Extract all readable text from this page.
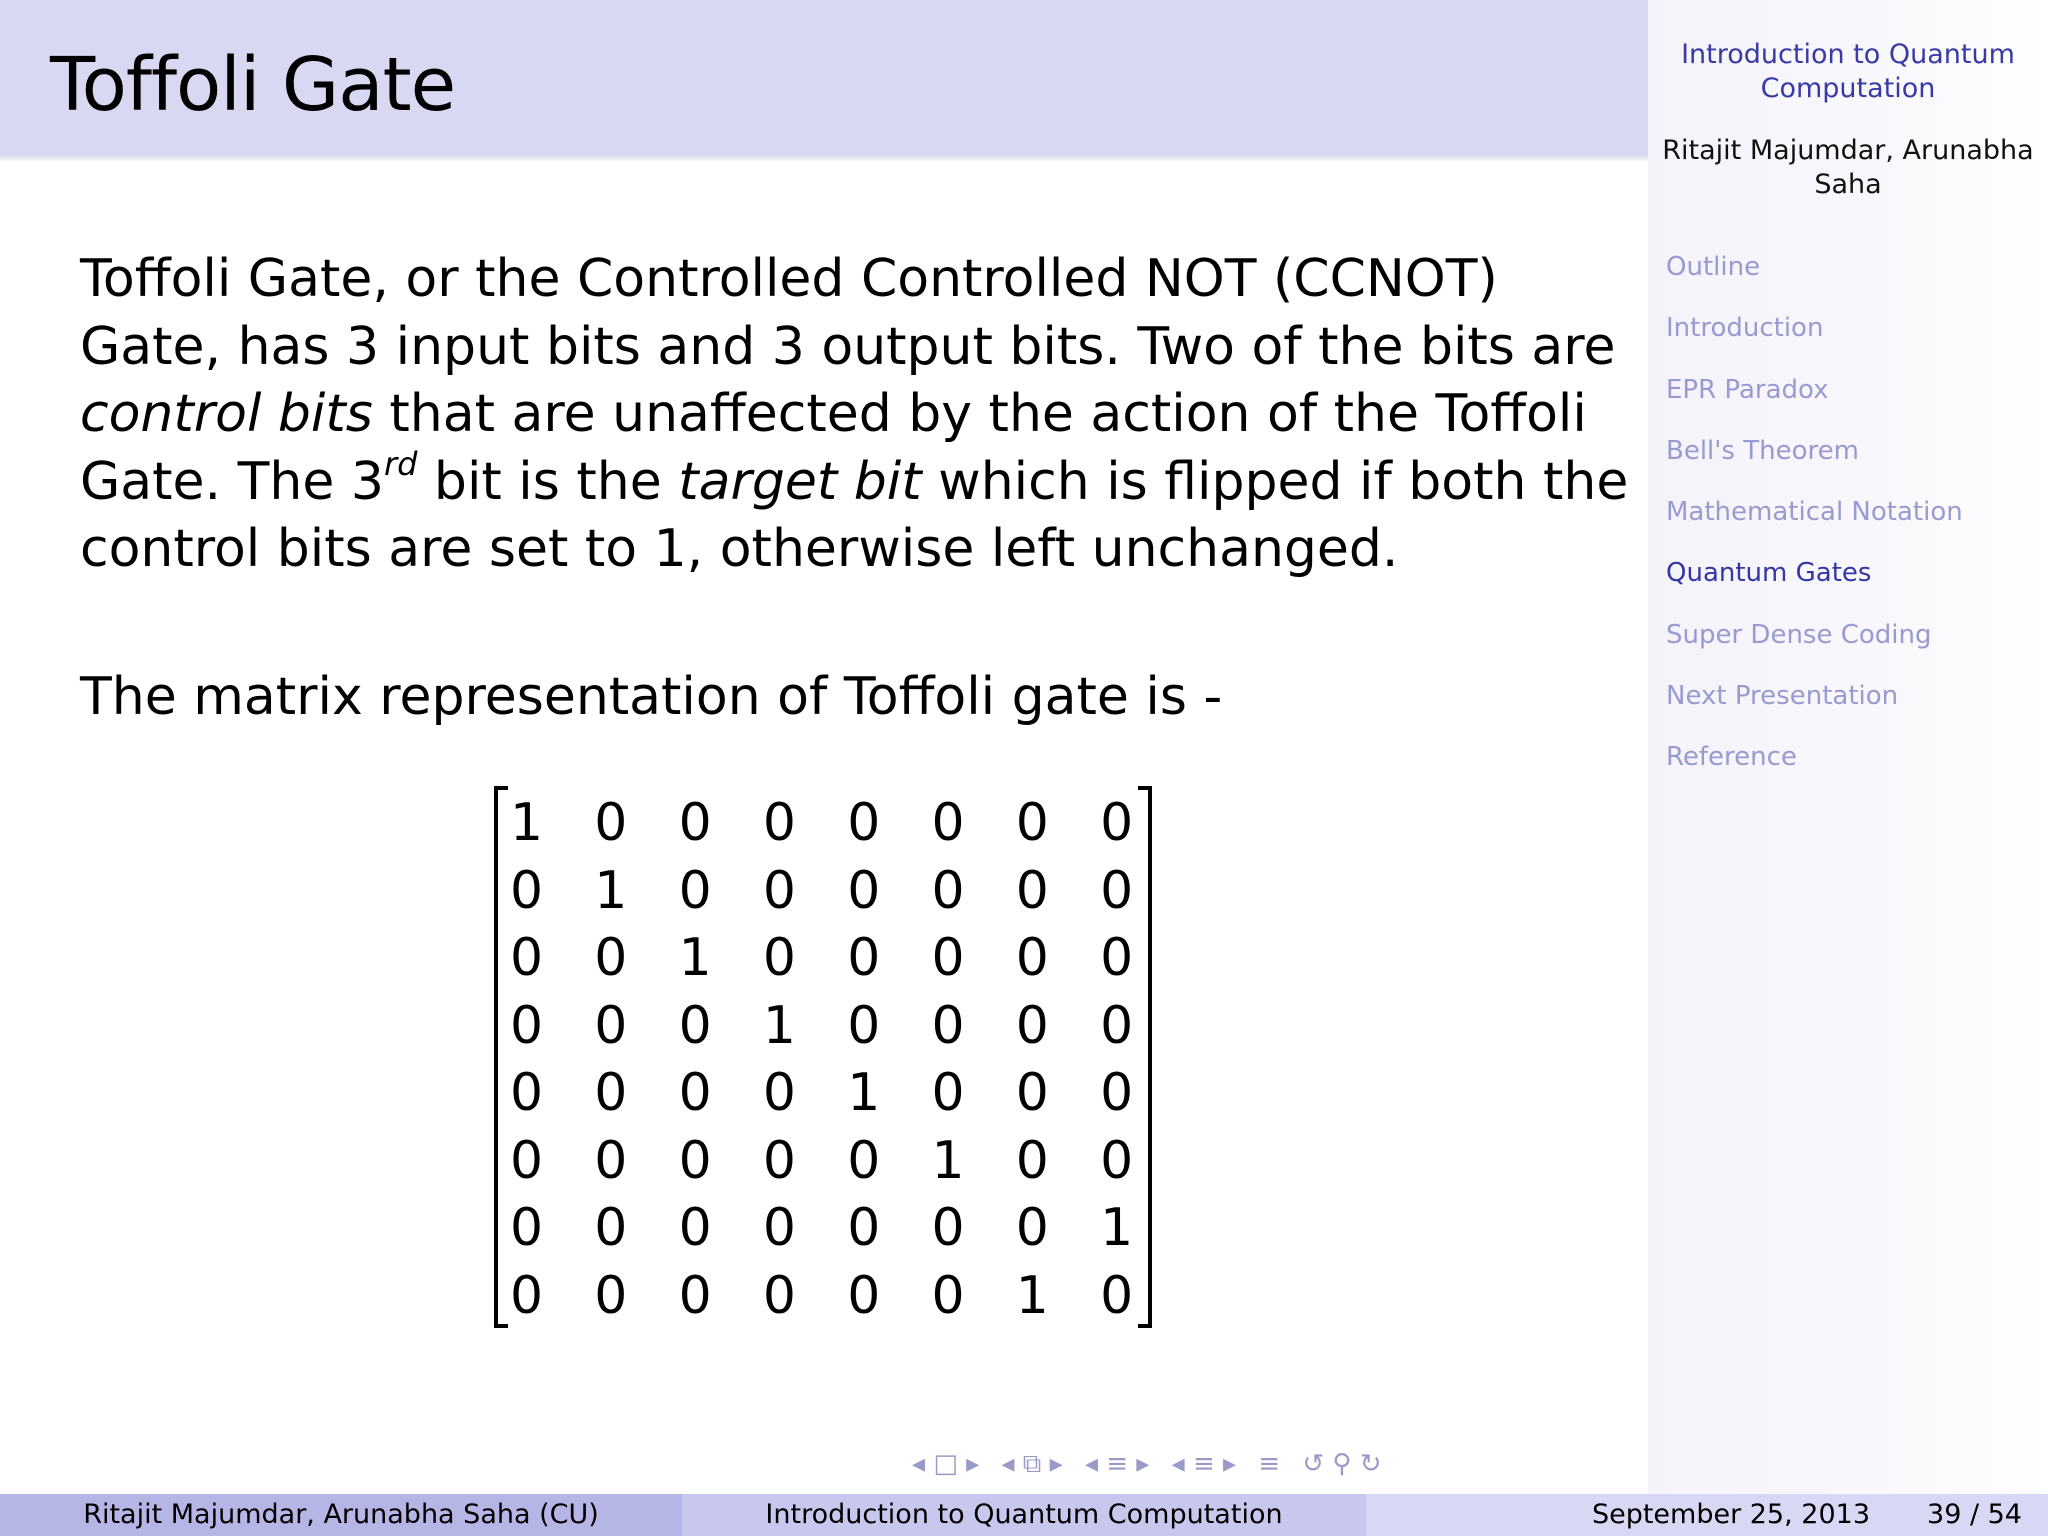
Toffoli Gate	Introduction to Quantum
Computation
Ritajit Majumdar, Arunabha
Saha
Outline
Introduction
EPR Paradox
Bell's Theorem
Mathematical Notation
Quantum Gates
Super Dense Coding
Next Presentation
Reference

Toffoli Gate, or the Controlled Controlled NOT (CCNOT)

Gate, has 3 input bits and 3 output bits. Two of the bits are

control bits that are unaffected by the action of the Toffoli

Gate. The 3rd bit is the target bit which is flipped if both the

control bits are set to 1, otherwise left unchanged.

The matrix representation of Toffoli gate is -
1 0 0 0 0 0 0 0
0 1 0 0 0 0 0 0
0 0 1 0 0 0 0 0
0 0 0 1 0 0 0 0
0 0 0 0 1 0 0 0
0 0 0 0 0 1 0 0
0 0 0 0 0 0 0 1
0 0 0 0 0 0 1 0
◂ □ ▸ ◂ ⧉ ▸ ◂ ≡ ▸ ◂ ≡ ▸ ≡ ↺ ⚲ ↻
Ritajit Majumdar, Arunabha Saha (CU)	Introduction to Quantum Computation	September 25, 2013 39 / 54
